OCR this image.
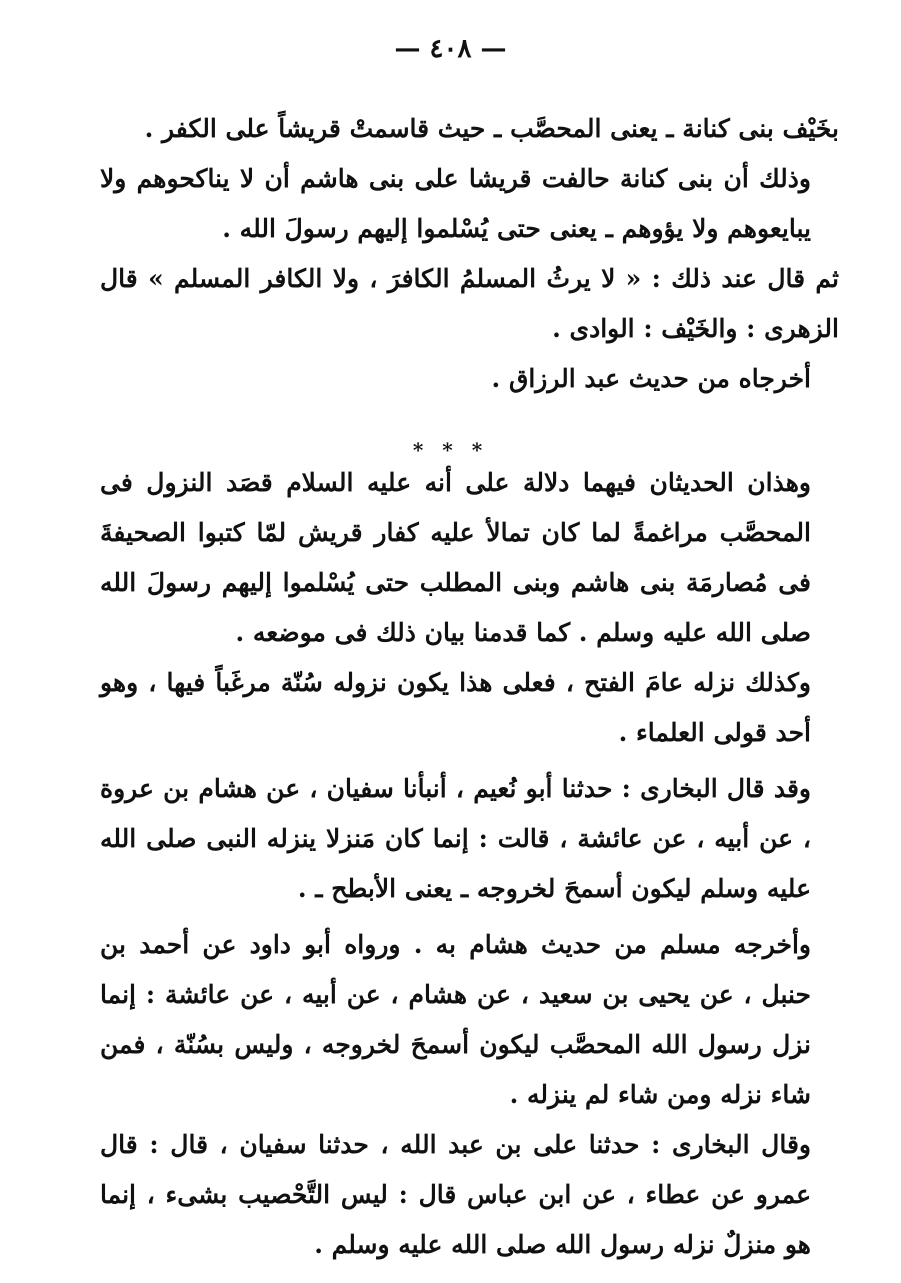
— ٤٠٨ —

بخَيْف بنى كنانة ـ يعنى المحصَّب ـ حيث قاسمتْ قريشاً على الكفر .

وذلك أن بنى كنانة حالفت قريشا على بنى هاشم أن لا يناكحوهم ولا يبايعوهم ولا يؤوهم ـ يعنى حتى يُسْلموا إليهم رسولَ الله .

ثم قال عند ذلك : « لا يرثُ المسلمُ الكافرَ ، ولا الكافر المسلم » قال الزهرى : والخَيْف : الوادى .

أخرجاه من حديث عبد الرزاق .

* * *

وهذان الحديثان فيهما دلالة على أنه عليه السلام قصَد النزول فى المحصَّب مراغمةً لما كان تمالأ عليه كفار قريش لمّا كتبوا الصحيفةَ فى مُصارمَة بنى هاشم وبنى المطلب حتى يُسْلموا إليهم رسولَ الله صلى الله عليه وسلم . كما قدمنا بيان ذلك فى موضعه .

وكذلك نزله عامَ الفتح ، فعلى هذا يكون نزوله سُنّة مرغَباً فيها ، وهو أحد قولى العلماء .

وقد قال البخارى : حدثنا أبو نُعيم ، أنبأنا سفيان ، عن هشام بن عروة ، عن أبيه ، عن عائشة ، قالت : إنما كان مَنزلا ينزله النبى صلى الله عليه وسلم ليكون أسمحَ لخروجه ـ يعنى الأبطح ـ .

وأخرجه مسلم من حديث هشام به . ورواه أبو داود عن أحمد بن حنبل ، عن يحيى بن سعيد ، عن هشام ، عن أبيه ، عن عائشة : إنما نزل رسول الله المحصَّب ليكون أسمحَ لخروجه ، وليس بسُنّة ، فمن شاء نزله ومن شاء لم ينزله .

وقال البخارى : حدثنا على بن عبد الله ، حدثنا سفيان ، قال : قال عمرو عن عطاء ، عن ابن عباس قال : ليس التَّحْصيب بشىء ، إنما هو منزلٌ نزله رسول الله صلى الله عليه وسلم .
